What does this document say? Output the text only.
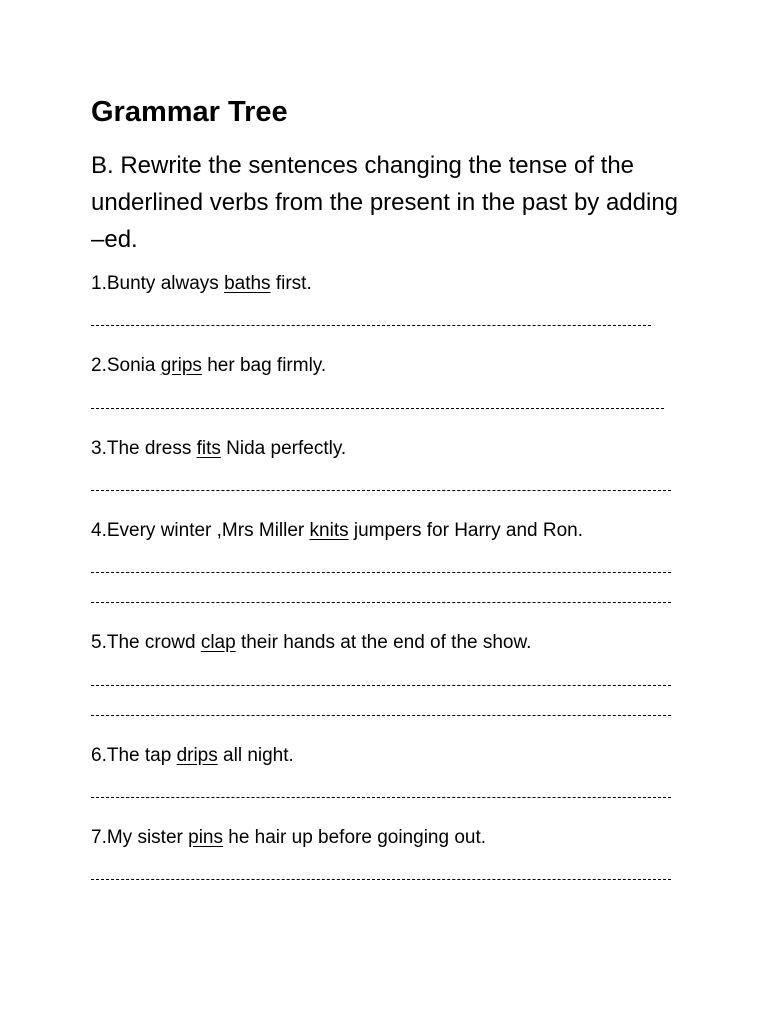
Grammar Tree
B. Rewrite the sentences changing the tense of the underlined verbs from the present in the past by adding –ed.
1.Bunty always baths first.
2.Sonia grips her bag firmly.
3.The dress fits Nida perfectly.
4.Every winter ,Mrs Miller knits jumpers for Harry and Ron.
5.The crowd clap their hands at the end of the show.
6.The tap drips all night.
7.My sister pins he hair up before goinging out.
